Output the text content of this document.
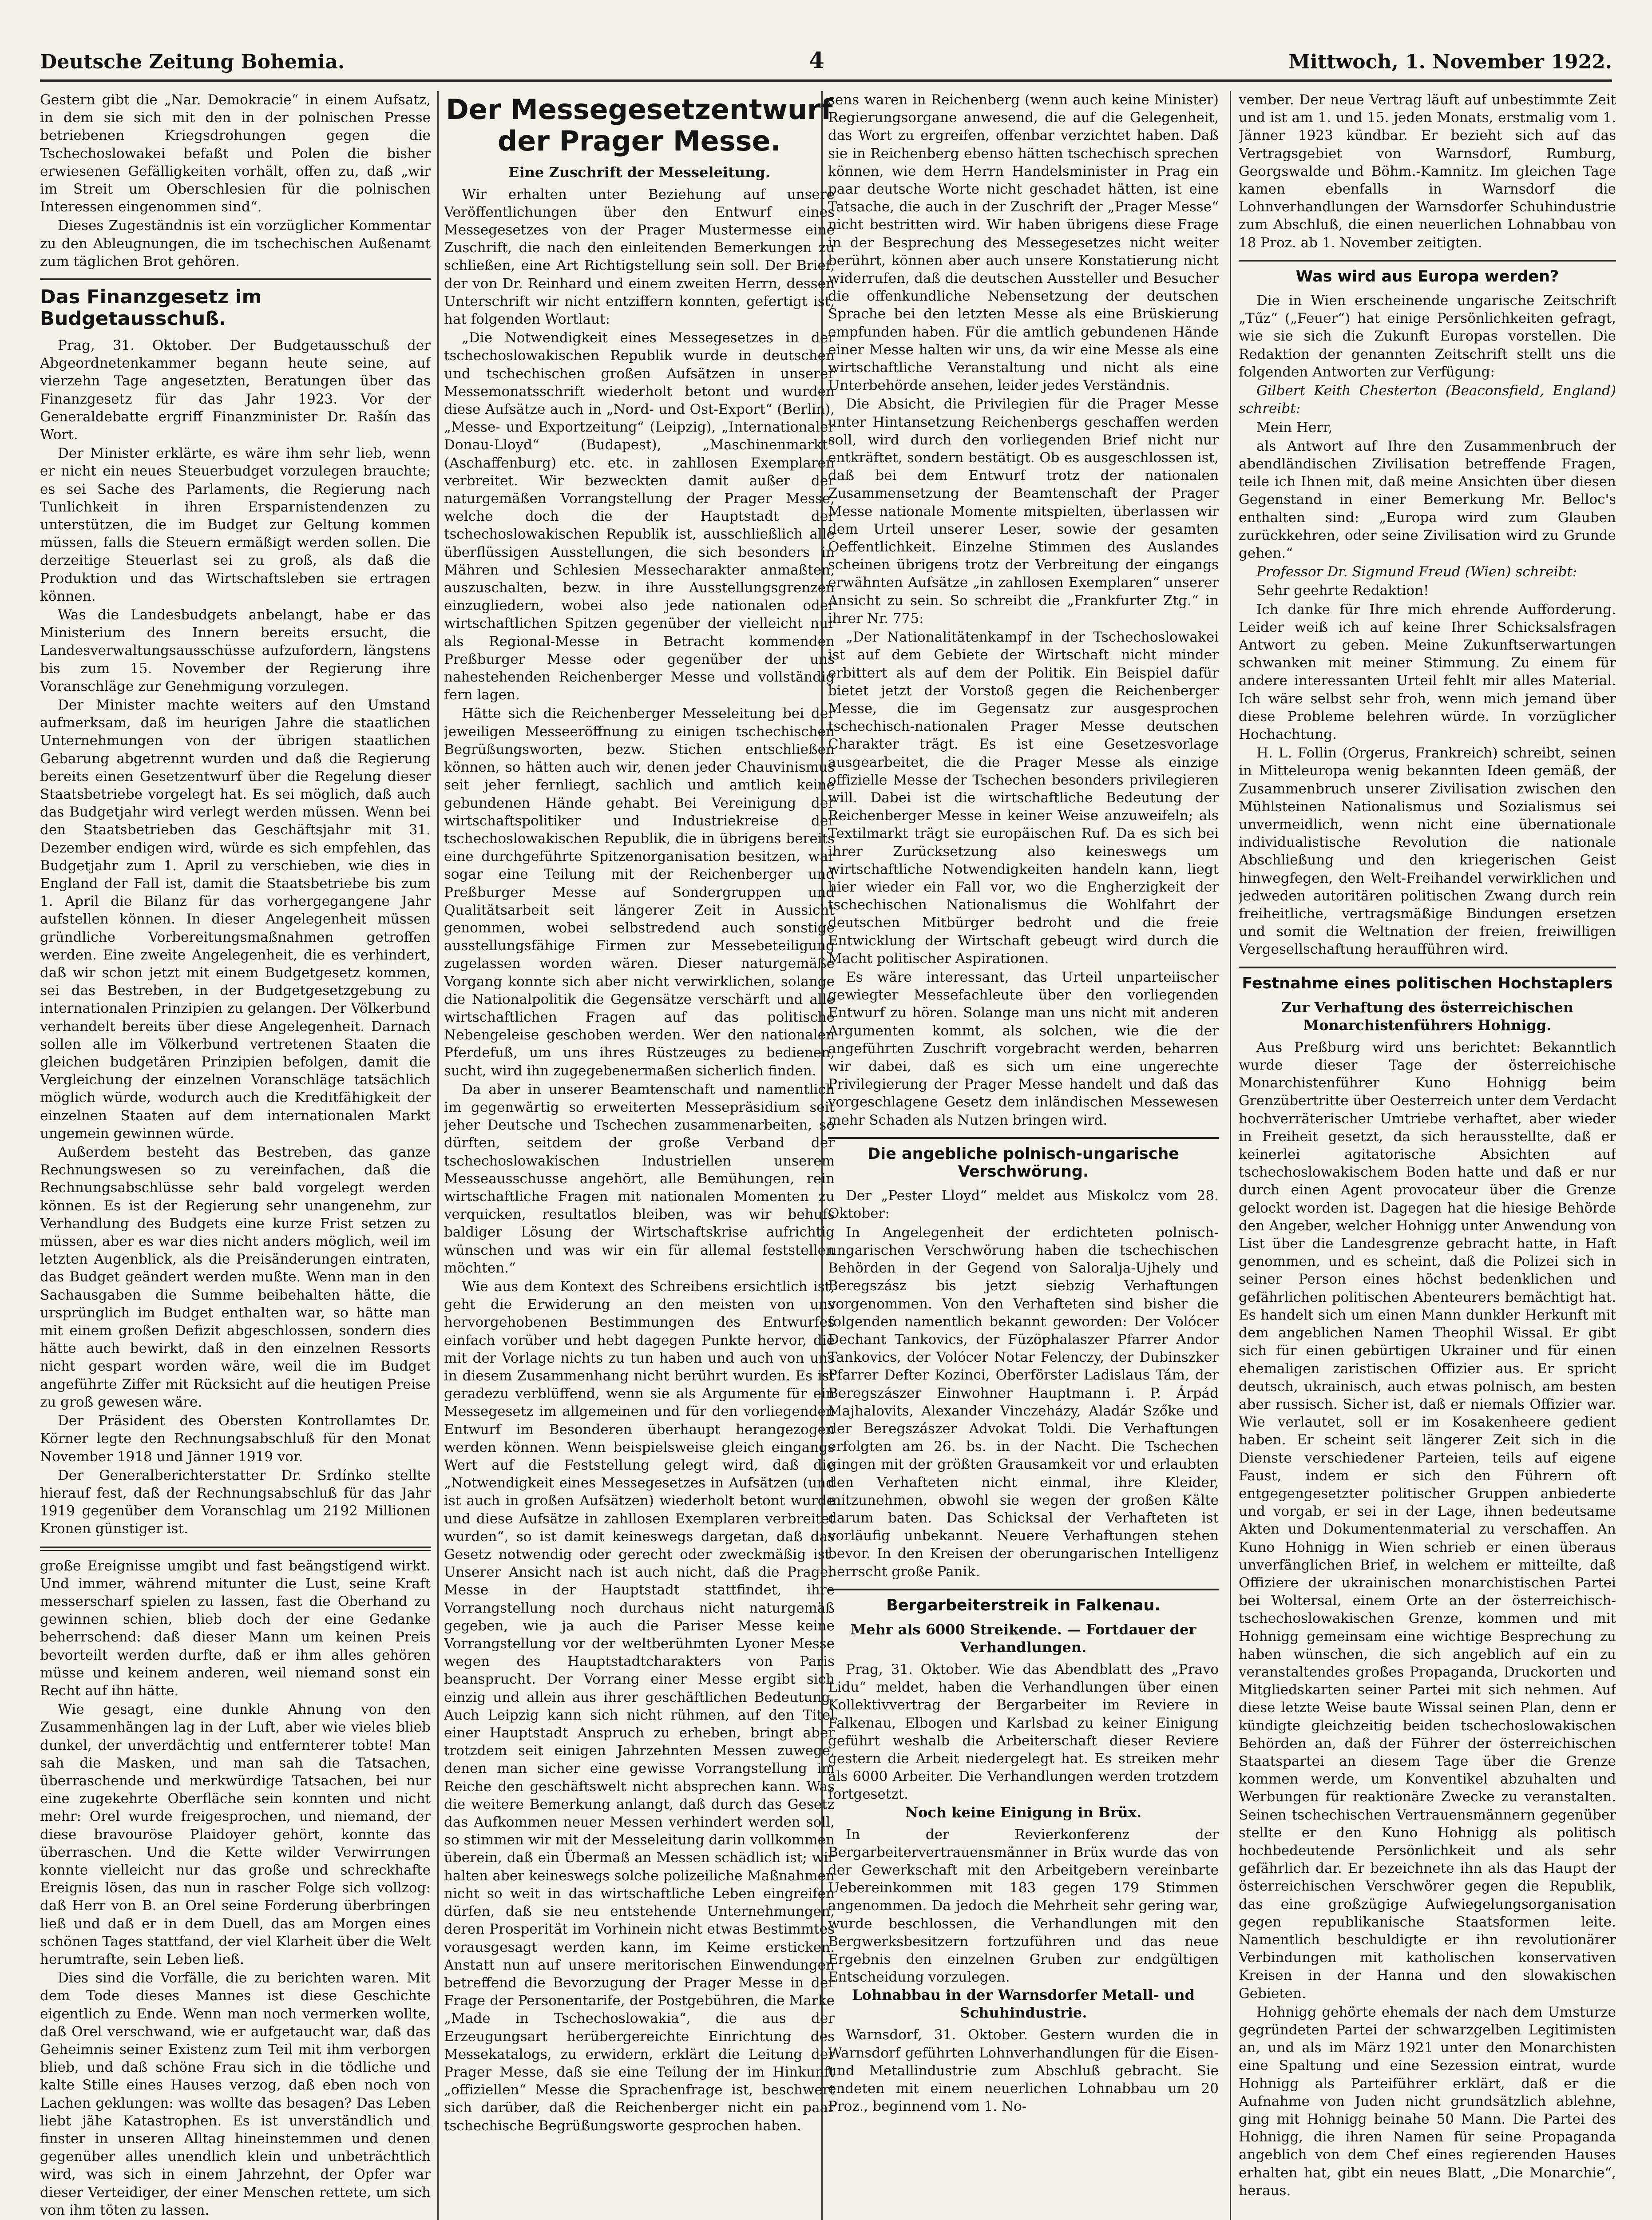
Deutsche Zeitung Bohemia.	4	Mittwoch, 1. November 1922.

Gestern gibt die „Nar. Demokracie“ in einem Aufsatz, in dem sie sich mit den in der polnischen Presse betriebenen Kriegsdrohungen gegen die Tschechoslowakei befaßt und Polen die bisher erwiesenen Gefälligkeiten vorhält, offen zu, daß „wir im Streit um Oberschlesien für die polnischen Interessen eingenommen sind“.

Dieses Zugeständnis ist ein vorzüglicher Kommentar zu den Ableugnungen, die im tschechischen Außenamt zum täglichen Brot gehören.

Das Finanzgesetz im Budgetausschuß.

Prag, 31. Oktober. Der Budgetausschuß der Abgeordnetenkammer begann heute seine, auf vierzehn Tage angesetzten, Beratungen über das Finanzgesetz für das Jahr 1923. Vor der Generaldebatte ergriff Finanzminister Dr. Rašín das Wort.

Der Minister erklärte, es wäre ihm sehr lieb, wenn er nicht ein neues Steuerbudget vorzulegen brauchte; es sei Sache des Parlaments, die Regierung nach Tunlichkeit in ihren Ersparnistendenzen zu unterstützen, die im Budget zur Geltung kommen müssen, falls die Steuern ermäßigt werden sollen. Die derzeitige Steuerlast sei zu groß, als daß die Produktion und das Wirtschaftsleben sie ertragen können.

Was die Landesbudgets anbelangt, habe er das Ministerium des Innern bereits ersucht, die Landesverwaltungsausschüsse aufzufordern, längstens bis zum 15. November der Regierung ihre Voranschläge zur Genehmigung vorzulegen.

Der Minister machte weiters auf den Umstand aufmerksam, daß im heurigen Jahre die staatlichen Unternehmungen von der übrigen staatlichen Gebarung abgetrennt wurden und daß die Regierung bereits einen Gesetzentwurf über die Regelung dieser Staatsbetriebe vorgelegt hat. Es sei möglich, daß auch das Budgetjahr wird verlegt werden müssen. Wenn bei den Staatsbetrieben das Geschäftsjahr mit 31. Dezember endigen wird, würde es sich empfehlen, das Budgetjahr zum 1. April zu verschieben, wie dies in England der Fall ist, damit die Staatsbetriebe bis zum 1. April die Bilanz für das vorhergegangene Jahr aufstellen können. In dieser Angelegenheit müssen gründliche Vorbereitungsmaßnahmen getroffen werden. Eine zweite Angelegenheit, die es verhindert, daß wir schon jetzt mit einem Budgetgesetz kommen, sei das Bestreben, in der Budgetgesetzgebung zu internationalen Prinzipien zu gelangen. Der Völkerbund verhandelt bereits über diese Angelegenheit. Darnach sollen alle im Völkerbund vertretenen Staaten die gleichen budgetären Prinzipien befolgen, damit die Vergleichung der einzelnen Voranschläge tatsächlich möglich würde, wodurch auch die Kreditfähigkeit der einzelnen Staaten auf dem internationalen Markt ungemein gewinnen würde.

Außerdem besteht das Bestreben, das ganze Rechnungswesen so zu vereinfachen, daß die Rechnungsabschlüsse sehr bald vorgelegt werden können. Es ist der Regierung sehr unangenehm, zur Verhandlung des Budgets eine kurze Frist setzen zu müssen, aber es war dies nicht anders möglich, weil im letzten Augenblick, als die Preisänderungen eintraten, das Budget geändert werden mußte. Wenn man in den Sachausgaben die Summe beibehalten hätte, die ursprünglich im Budget enthalten war, so hätte man mit einem großen Defizit abgeschlossen, sondern dies hätte auch bewirkt, daß in den einzelnen Ressorts nicht gespart worden wäre, weil die im Budget angeführte Ziffer mit Rücksicht auf die heutigen Preise zu groß gewesen wäre.

Der Präsident des Obersten Kontrollamtes Dr. Körner legte den Rechnungsabschluß für den Monat November 1918 und Jänner 1919 vor.

Der Generalberichterstatter Dr. Srdínko stellte hierauf fest, daß der Rechnungsabschluß für das Jahr 1919 gegenüber dem Voranschlag um 2192 Millionen Kronen günstiger ist.

große Ereignisse umgibt und fast beängstigend wirkt. Und immer, während mitunter die Lust, seine Kraft messerscharf spielen zu lassen, fast die Oberhand zu gewinnen schien, blieb doch der eine Gedanke beherrschend: daß dieser Mann um keinen Preis bevorteilt werden durfte, daß er ihm alles gehören müsse und keinem anderen, weil niemand sonst ein Recht auf ihn hätte.

Wie gesagt, eine dunkle Ahnung von den Zusammenhängen lag in der Luft, aber wie vieles blieb dunkel, der unverdächtig und entfernterer tobte! Man sah die Masken, und man sah die Tatsachen, überraschende und merkwürdige Tatsachen, bei nur eine zugekehrte Oberfläche sein konnten und nicht mehr: Orel wurde freigesprochen, und niemand, der diese bravouröse Plaidoyer gehört, konnte das überraschen. Und die Kette wilder Verwirrungen konnte vielleicht nur das große und schreckhafte Ereignis lösen, das nun in rascher Folge sich vollzog: daß Herr von B. an Orel seine Forderung überbringen ließ und daß er in dem Duell, das am Morgen eines schönen Tages stattfand, der viel Klarheit über die Welt herumtrafte, sein Leben ließ.

Dies sind die Vorfälle, die zu berichten waren. Mit dem Tode dieses Mannes ist diese Geschichte eigentlich zu Ende. Wenn man noch vermerken wollte, daß Orel verschwand, wie er aufgetaucht war, daß das Geheimnis seiner Existenz zum Teil mit ihm verborgen blieb, und daß schöne Frau sich in die tödliche und kalte Stille eines Hauses verzog, daß eben noch von Lachen geklungen: was wollte das besagen? Das Leben liebt jähe Katastrophen. Es ist unverständlich und finster in unseren Alltag hineinstemmen und denen gegenüber alles unendlich klein und unbeträchtlich wird, was sich in einem Jahrzehnt, der Opfer war dieser Verteidiger, der einer Menschen rettete, um sich von ihm töten zu lassen.

Der Messegesetzentwurf der Prager Messe.
Eine Zuschrift der Messeleitung.

Wir erhalten unter Beziehung auf unsere Veröffentlichungen über den Entwurf eines Messegesetzes von der Prager Mustermesse eine Zuschrift, die nach den einleitenden Bemerkungen zu schließen, eine Art Richtigstellung sein soll. Der Brief, der von Dr. Reinhard und einem zweiten Herrn, dessen Unterschrift wir nicht entziffern konnten, gefertigt ist, hat folgenden Wortlaut:

„Die Notwendigkeit eines Messegesetzes in der tschechoslowakischen Republik wurde in deutschen und tschechischen großen Aufsätzen in unserer Messemonatsschrift wiederholt betont und wurden diese Aufsätze auch in „Nord- und Ost-Export“ (Berlin), „Messe- und Exportzeitung“ (Leipzig), „Internationaler Donau-Lloyd“ (Budapest), „Maschinenmarkt“ (Aschaffenburg) etc. etc. in zahllosen Exemplaren verbreitet. Wir bezweckten damit außer der naturgemäßen Vorrangstellung der Prager Messe, welche doch die der Hauptstadt der tschechoslowakischen Republik ist, ausschließlich alle überflüssigen Ausstellungen, die sich besonders in Mähren und Schlesien Messecharakter anmaßten, auszuschalten, bezw. in ihre Ausstellungsgrenzen einzugliedern, wobei also jede nationalen oder wirtschaftlichen Spitzen gegenüber der vielleicht nur als Regional-Messe in Betracht kommenden Preßburger Messe oder gegenüber der uns nahestehenden Reichenberger Messe und vollständig fern lagen.

Hätte sich die Reichenberger Messeleitung bei der jeweiligen Messeeröffnung zu einigen tschechischen Begrüßungsworten, bezw. Stichen entschließen können, so hätten auch wir, denen jeder Chauvinismus seit jeher fernliegt, sachlich und amtlich keine gebundenen Hände gehabt. Bei Vereinigung der wirtschaftspolitiker und Industriekreise der tschechoslowakischen Republik, die in übrigens bereits eine durchgeführte Spitzenorganisation besitzen, war sogar eine Teilung mit der Reichenberger und Preßburger Messe auf Sondergruppen und Qualitätsarbeit seit längerer Zeit in Aussicht genommen, wobei selbstredend auch sonstige ausstellungsfähige Firmen zur Messebeteiligung zugelassen worden wären. Dieser naturgemäße Vorgang konnte sich aber nicht verwirklichen, solange die Nationalpolitik die Gegensätze verschärft und alle wirtschaftlichen Fragen auf das politische Nebengeleise geschoben werden. Wer den nationalen Pferdefuß, um uns ihres Rüstzeuges zu bedienen, sucht, wird ihn zugegebenermaßen sicherlich finden.

Da aber in unserer Beamtenschaft und namentlich im gegenwärtig so erweiterten Messepräsidium seit jeher Deutsche und Tschechen zusammenarbeiten, so dürften, seitdem der große Verband der tschechoslowakischen Industriellen unserem Messeausschusse angehört, alle Bemühungen, rein wirtschaftliche Fragen mit nationalen Momenten zu verquicken, resultatlos bleiben, was wir behufs baldiger Lösung der Wirtschaftskrise aufrichtig wünschen und was wir ein für allemal feststellen möchten.“

Wie aus dem Kontext des Schreibens ersichtlich ist, geht die Erwiderung an den meisten von uns hervorgehobenen Bestimmungen des Entwurfes einfach vorüber und hebt dagegen Punkte hervor, die mit der Vorlage nichts zu tun haben und auch von uns in diesem Zusammenhang nicht berührt wurden. Es ist geradezu verblüffend, wenn sie als Argumente für ein Messegesetz im allgemeinen und für den vorliegenden Entwurf im Besonderen überhaupt herangezogen werden können. Wenn beispielsweise gleich eingangs Wert auf die Feststellung gelegt wird, daß die „Notwendigkeit eines Messegesetzes in Aufsätzen (und ist auch in großen Aufsätzen) wiederholt betont wurde und diese Aufsätze in zahllosen Exemplaren verbreitet wurden“, so ist damit keineswegs dargetan, daß das Gesetz notwendig oder gerecht oder zweckmäßig ist. Unserer Ansicht nach ist auch nicht, daß die Prager Messe in der Hauptstadt stattfindet, ihre Vorrangstellung noch durchaus nicht naturgemäß gegeben, wie ja auch die Pariser Messe keine Vorrangstellung vor der weltberühmten Lyoner Messe wegen des Hauptstadtcharakters von Paris beansprucht. Der Vorrang einer Messe ergibt sich einzig und allein aus ihrer geschäftlichen Bedeutung. Auch Leipzig kann sich nicht rühmen, auf den Titel einer Hauptstadt Anspruch zu erheben, bringt aber trotzdem seit einigen Jahrzehnten Messen zuwege, denen man sicher eine gewisse Vorrangstellung im Reiche den geschäftswelt nicht absprechen kann. Was die weitere Bemerkung anlangt, daß durch das Gesetz das Aufkommen neuer Messen verhindert werden soll, so stimmen wir mit der Messeleitung darin vollkommen überein, daß ein Übermaß an Messen schädlich ist; wir halten aber keineswegs solche polizeiliche Maßnahmen nicht so weit in das wirtschaftliche Leben eingreifen dürfen, daß sie neu entstehende Unternehmungen, deren Prosperität im Vorhinein nicht etwas Bestimmtes vorausgesagt werden kann, im Keime ersticken. Anstatt nun auf unsere meritorischen Einwendungen betreffend die Bevorzugung der Prager Messe in der Frage der Personentarife, der Postgebühren, die Marke „Made in Tschechoslowakia“, die aus der Erzeugungsart herübergereichte Einrichtung des Messekatalogs, zu erwidern, erklärt die Leitung der Prager Messe, daß sie eine Teilung der im Hinkunft „offiziellen“ Messe die Sprachenfrage ist, beschwert sich darüber, daß die Reichenberger nicht ein paar tschechische Begrüßungsworte gesprochen haben.

sens waren in Reichenberg (wenn auch keine Minister) Regierungsorgane anwesend, die auf die Gelegenheit, das Wort zu ergreifen, offenbar verzichtet haben. Daß sie in Reichenberg ebenso hätten tschechisch sprechen können, wie dem Herrn Handelsminister in Prag ein paar deutsche Worte nicht geschadet hätten, ist eine Tatsache, die auch in der Zuschrift der „Prager Messe“ nicht bestritten wird. Wir haben übrigens diese Frage in der Besprechung des Messegesetzes nicht weiter berührt, können aber auch unsere Konstatierung nicht widerrufen, daß die deutschen Aussteller und Besucher die offenkundliche Nebensetzung der deutschen Sprache bei den letzten Messe als eine Brüskierung empfunden haben. Für die amtlich gebundenen Hände einer Messe halten wir uns, da wir eine Messe als eine wirtschaftliche Veranstaltung und nicht als eine Unterbehörde ansehen, leider jedes Verständnis.

Die Absicht, die Privilegien für die Prager Messe unter Hintansetzung Reichenbergs geschaffen werden soll, wird durch den vorliegenden Brief nicht nur entkräftet, sondern bestätigt. Ob es ausgeschlossen ist, daß bei dem Entwurf trotz der nationalen Zusammensetzung der Beamtenschaft der Prager Messe nationale Momente mitspielten, überlassen wir dem Urteil unserer Leser, sowie der gesamten Oeffentlichkeit. Einzelne Stimmen des Auslandes scheinen übrigens trotz der Verbreitung der eingangs erwähnten Aufsätze „in zahllosen Exemplaren“ unserer Ansicht zu sein. So schreibt die „Frankfurter Ztg.“ in ihrer Nr. 775:

„Der Nationalitätenkampf in der Tschechoslowakei ist auf dem Gebiete der Wirtschaft nicht minder erbittert als auf dem der Politik. Ein Beispiel dafür bietet jetzt der Vorstoß gegen die Reichenberger Messe, die im Gegensatz zur ausgesprochen tschechisch-nationalen Prager Messe deutschen Charakter trägt. Es ist eine Gesetzesvorlage ausgearbeitet, die die Prager Messe als einzige offizielle Messe der Tschechen besonders privilegieren will. Dabei ist die wirtschaftliche Bedeutung der Reichenberger Messe in keiner Weise anzuweifeln; als Textilmarkt trägt sie europäischen Ruf. Da es sich bei ihrer Zurücksetzung also keineswegs um wirtschaftliche Notwendigkeiten handeln kann, liegt hier wieder ein Fall vor, wo die Engherzigkeit der tschechischen Nationalismus die Wohlfahrt der deutschen Mitbürger bedroht und die freie Entwicklung der Wirtschaft gebeugt wird durch die Macht politischer Aspirationen.

Es wäre interessant, das Urteil unparteiischer gewiegter Messefachleute über den vorliegenden Entwurf zu hören. Solange man uns nicht mit anderen Argumenten kommt, als solchen, wie die der angeführten Zuschrift vorgebracht werden, beharren wir dabei, daß es sich um eine ungerechte Privilegierung der Prager Messe handelt und daß das vorgeschlagene Gesetz dem inländischen Messewesen mehr Schaden als Nutzen bringen wird.

Die angebliche polnisch-ungarische Verschwörung.

Der „Pester Lloyd“ meldet aus Miskolcz vom 28. Oktober:

In Angelegenheit der erdichteten polnisch-ungarischen Verschwörung haben die tschechischen Behörden in der Gegend von Saloralja-Ujhely und Beregszász bis jetzt siebzig Verhaftungen vorgenommen. Von den Verhafteten sind bisher die folgenden namentlich bekannt geworden: Der Volócer Dechant Tankovics, der Füzöphalaszer Pfarrer Andor Tankovics, der Volócer Notar Felenczy, der Dubinszker Pfarrer Defter Kozinci, Oberförster Ladislaus Tám, der Beregszászer Einwohner Hauptmann i. P. Árpád Majhalovits, Alexander Vinczeházy, Aladár Szőke und der Beregszászer Advokat Toldi. Die Verhaftungen erfolgten am 26. bs. in der Nacht. Die Tschechen gingen mit der größten Grausamkeit vor und erlaubten den Verhafteten nicht einmal, ihre Kleider, mitzunehmen, obwohl sie wegen der großen Kälte darum baten. Das Schicksal der Verhafteten ist vorläufig unbekannt. Neuere Verhaftungen stehen bevor. In den Kreisen der oberungarischen Intelligenz herrscht große Panik.

Bergarbeiterstreik in Falkenau.
Mehr als 6000 Streikende. — Fortdauer der Verhandlungen.

Prag, 31. Oktober. Wie das Abendblatt des „Pravo Lidu“ meldet, haben die Verhandlungen über einen Kollektivvertrag der Bergarbeiter im Reviere in Falkenau, Elbogen und Karlsbad zu keiner Einigung geführt weshalb die Arbeiterschaft dieser Reviere gestern die Arbeit niedergelegt hat. Es streiken mehr als 6000 Arbeiter. Die Verhandlungen werden trotzdem fortgesetzt.

Noch keine Einigung in Brüx.

In der Revierkonferenz der Bergarbeitervertrauensmänner in Brüx wurde das von der Gewerkschaft mit den Arbeitgebern vereinbarte Uebereinkommen mit 183 gegen 179 Stimmen angenommen. Da jedoch die Mehrheit sehr gering war, wurde beschlossen, die Verhandlungen mit den Bergwerksbesitzern fortzuführen und das neue Ergebnis den einzelnen Gruben zur endgültigen Entscheidung vorzulegen.

Lohnabbau in der Warnsdorfer Metall- und Schuhindustrie.

Warnsdorf, 31. Oktober. Gestern wurden die in Warnsdorf geführten Lohnverhandlungen für die Eisen- und Metallindustrie zum Abschluß gebracht. Sie endeten mit einem neuerlichen Lohnabbau um 20 Proz., beginnend vom 1. No-

vember. Der neue Vertrag läuft auf unbestimmte Zeit und ist am 1. und 15. jeden Monats, erstmalig vom 1. Jänner 1923 kündbar. Er bezieht sich auf das Vertragsgebiet von Warnsdorf, Rumburg, Georgswalde und Böhm.-Kamnitz. Im gleichen Tage kamen ebenfalls in Warnsdorf die Lohnverhandlungen der Warnsdorfer Schuhindustrie zum Abschluß, die einen neuerlichen Lohnabbau von 18 Proz. ab 1. November zeitigten.

Was wird aus Europa werden?

Die in Wien erscheinende ungarische Zeitschrift „Tűz“ („Feuer“) hat einige Persönlichkeiten gefragt, wie sie sich die Zukunft Europas vorstellen. Die Redaktion der genannten Zeitschrift stellt uns die folgenden Antworten zur Verfügung:

Gilbert Keith Chesterton (Beaconsfield, England) schreibt:

Mein Herr,

als Antwort auf Ihre den Zusammenbruch der abendländischen Zivilisation betreffende Fragen, teile ich Ihnen mit, daß meine Ansichten über diesen Gegenstand in einer Bemerkung Mr. Belloc's enthalten sind: „Europa wird zum Glauben zurückkehren, oder seine Zivilisation wird zu Grunde gehen.“

Professor Dr. Sigmund Freud (Wien) schreibt:

Sehr geehrte Redaktion!

Ich danke für Ihre mich ehrende Aufforderung. Leider weiß ich auf keine Ihrer Schicksalsfragen Antwort zu geben. Meine Zukunftserwartungen schwanken mit meiner Stimmung. Zu einem für andere interessanten Urteil fehlt mir alles Material. Ich wäre selbst sehr froh, wenn mich jemand über diese Probleme belehren würde. In vorzüglicher Hochachtung.

H. L. Follin (Orgerus, Frankreich) schreibt, seinen in Mitteleuropa wenig bekannten Ideen gemäß, der Zusammenbruch unserer Zivilisation zwischen den Mühlsteinen Nationalismus und Sozialismus sei unvermeidlich, wenn nicht eine übernationale individualistische Revolution die nationale Abschließung und den kriegerischen Geist hinwegfegen, den Welt-Freihandel verwirklichen und jedweden autoritären politischen Zwang durch rein freiheitliche, vertragsmäßige Bindungen ersetzen und somit die Weltnation der freien, freiwilligen Vergesellschaftung heraufführen wird.

Festnahme eines politischen Hochstaplers
Zur Verhaftung des österreichischen Monarchistenführers Hohnigg.

Aus Preßburg wird uns berichtet: Bekanntlich wurde dieser Tage der österreichische Monarchistenführer Kuno Hohnigg beim Grenzübertritte über Oesterreich unter dem Verdacht hochverräterischer Umtriebe verhaftet, aber wieder in Freiheit gesetzt, da sich herausstellte, daß er keinerlei agitatorische Absichten auf tschechoslowakischem Boden hatte und daß er nur durch einen Agent provocateur über die Grenze gelockt worden ist. Dagegen hat die hiesige Behörde den Angeber, welcher Hohnigg unter Anwendung von List über die Landesgrenze gebracht hatte, in Haft genommen, und es scheint, daß die Polizei sich in seiner Person eines höchst bedenklichen und gefährlichen politischen Abenteurers bemächtigt hat. Es handelt sich um einen Mann dunkler Herkunft mit dem angeblichen Namen Theophil Wissal. Er gibt sich für einen gebürtigen Ukrainer und für einen ehemaligen zaristischen Offizier aus. Er spricht deutsch, ukrainisch, auch etwas polnisch, am besten aber russisch. Sicher ist, daß er niemals Offizier war. Wie verlautet, soll er im Kosakenheere gedient haben. Er scheint seit längerer Zeit sich in die Dienste verschiedener Parteien, teils auf eigene Faust, indem er sich den Führern oft entgegengesetzter politischer Gruppen anbiederte und vorgab, er sei in der Lage, ihnen bedeutsame Akten und Dokumentenmaterial zu verschaffen. An Kuno Hohnigg in Wien schrieb er einen überaus unverfänglichen Brief, in welchem er mitteilte, daß Offiziere der ukrainischen monarchistischen Partei bei Woltersal, einem Orte an der österreichisch-tschechoslowakischen Grenze, kommen und mit Hohnigg gemeinsam eine wichtige Besprechung zu haben wünschen, die sich angeblich auf ein zu veranstaltendes großes Propaganda, Druckorten und Mitgliedskarten seiner Partei mit sich nehmen. Auf diese letzte Weise baute Wissal seinen Plan, denn er kündigte gleichzeitig beiden tschechoslowakischen Behörden an, daß der Führer der österreichischen Staatspartei an diesem Tage über die Grenze kommen werde, um Konventikel abzuhalten und Werbungen für reaktionäre Zwecke zu veranstalten. Seinen tschechischen Vertrauensmännern gegenüber stellte er den Kuno Hohnigg als politisch hochbedeutende Persönlichkeit und als sehr gefährlich dar. Er bezeichnete ihn als das Haupt der österreichischen Verschwörer gegen die Republik, das eine großzügige Aufwiegelungsorganisation gegen republikanische Staatsformen leite. Namentlich beschuldigte er ihn revolutionärer Verbindungen mit katholischen konservativen Kreisen in der Hanna und den slowakischen Gebieten.

Hohnigg gehörte ehemals der nach dem Umsturze gegründeten Partei der schwarzgelben Legitimisten an, und als im März 1921 unter den Monarchisten eine Spaltung und eine Sezession eintrat, wurde Hohnigg als Parteiführer erklärt, daß er die Aufnahme von Juden nicht grundsätzlich ablehne, ging mit Hohnigg beinahe 50 Mann. Die Partei des Hohnigg, die ihren Namen für seine Propaganda angeblich von dem Chef eines regierenden Hauses erhalten hat, gibt ein neues Blatt, „Die Monarchie“, heraus.
